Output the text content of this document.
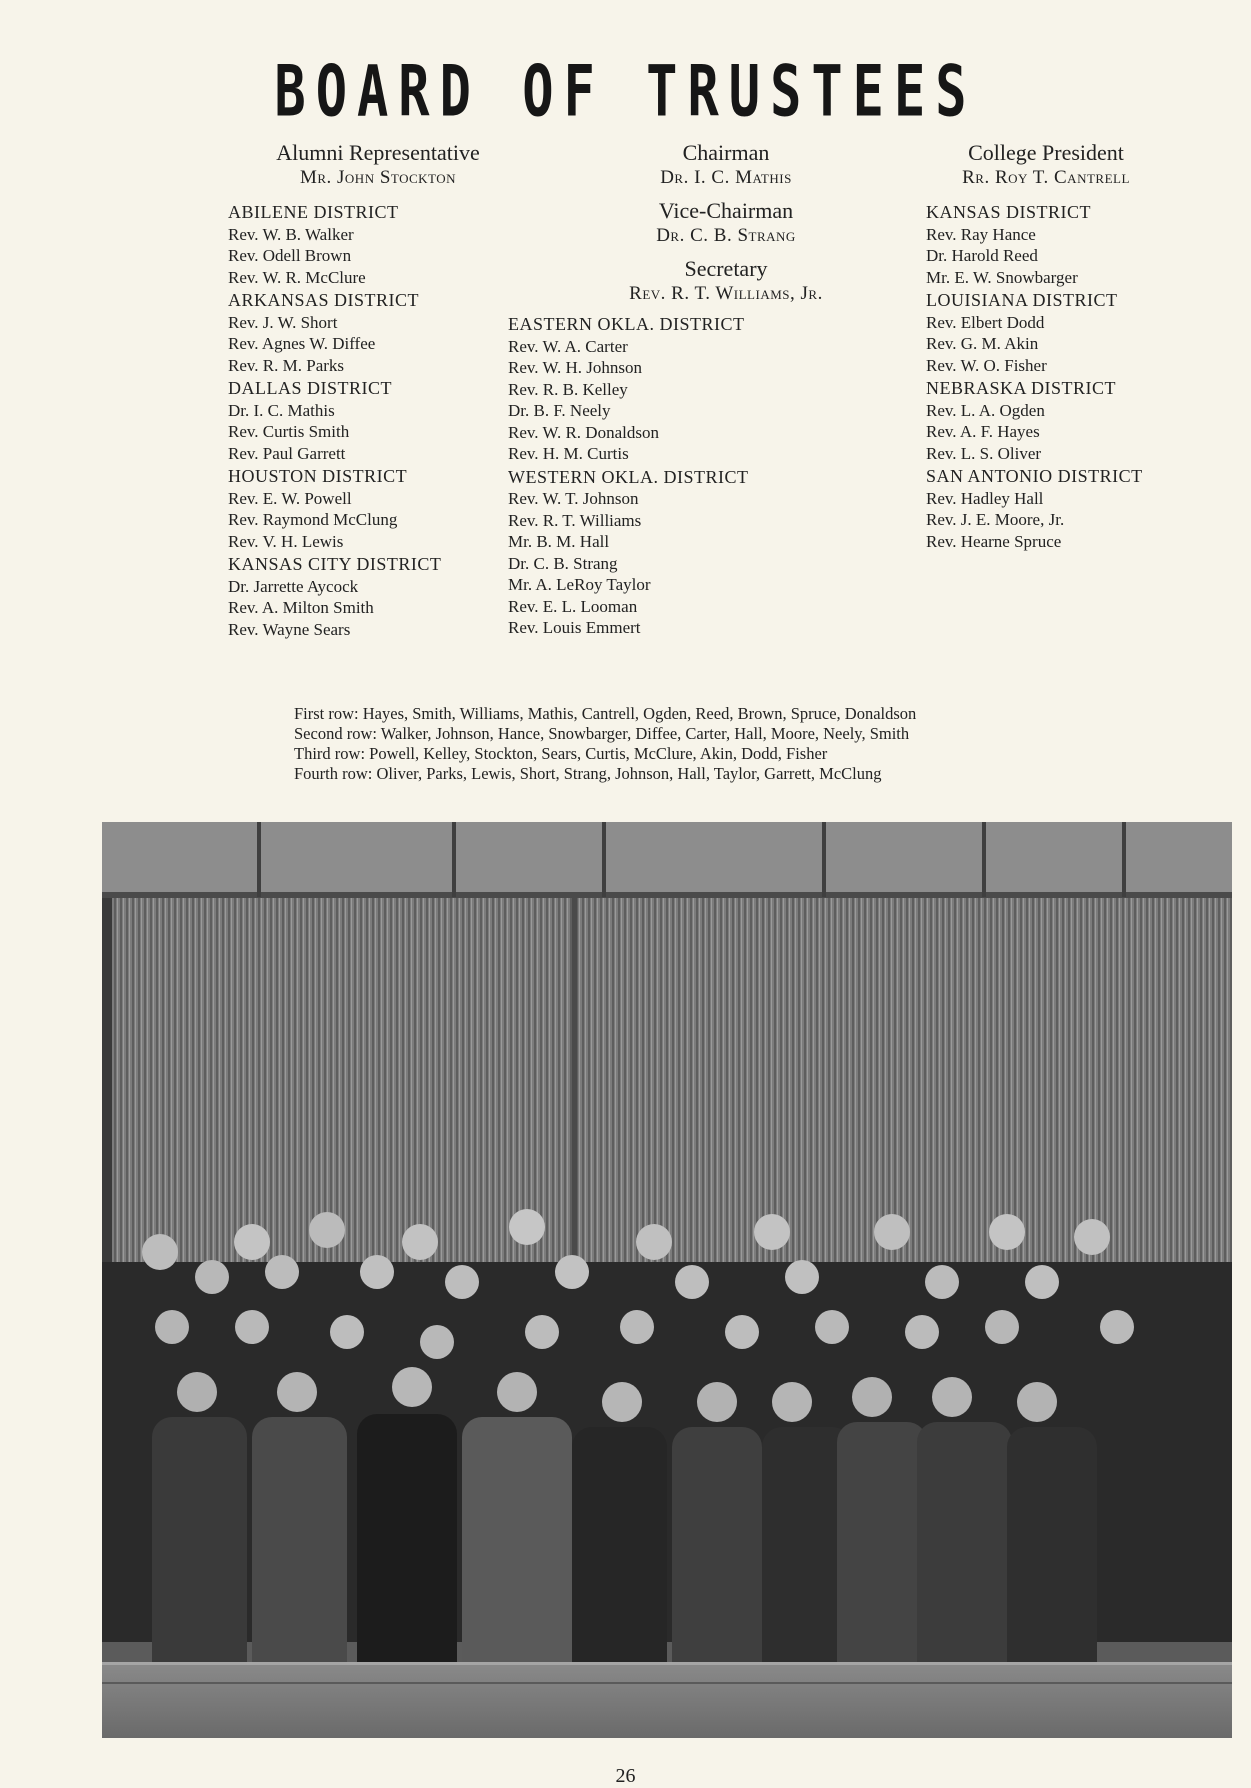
BOARD OF TRUSTEES
Alumni Representative
Mr. John Stockton
ABILENE DISTRICT
Rev. W. B. Walker
Rev. Odell Brown
Rev. W. R. McClure
ARKANSAS DISTRICT
Rev. J. W. Short
Rev. Agnes W. Diffee
Rev. R. M. Parks
DALLAS DISTRICT
Dr. I. C. Mathis
Rev. Curtis Smith
Rev. Paul Garrett
HOUSTON DISTRICT
Rev. E. W. Powell
Rev. Raymond McClung
Rev. V. H. Lewis
KANSAS CITY DISTRICT
Dr. Jarrette Aycock
Rev. A. Milton Smith
Rev. Wayne Sears
Chairman
Dr. I. C. Mathis
Vice-Chairman
Dr. C. B. Strang
Secretary
Rev. R. T. Williams, Jr.
EASTERN OKLA. DISTRICT
Rev. W. A. Carter
Rev. W. H. Johnson
Rev. R. B. Kelley
Dr. B. F. Neely
Rev. W. R. Donaldson
Rev. H. M. Curtis
WESTERN OKLA. DISTRICT
Rev. W. T. Johnson
Rev. R. T. Williams
Mr. B. M. Hall
Dr. C. B. Strang
Mr. A. LeRoy Taylor
Rev. E. L. Looman
Rev. Louis Emmert
College President
Rr. Roy T. Cantrell
KANSAS DISTRICT
Rev. Ray Hance
Dr. Harold Reed
Mr. E. W. Snowbarger
LOUISIANA DISTRICT
Rev. Elbert Dodd
Rev. G. M. Akin
Rev. W. O. Fisher
NEBRASKA DISTRICT
Rev. L. A. Ogden
Rev. A. F. Hayes
Rev. L. S. Oliver
SAN ANTONIO DISTRICT
Rev. Hadley Hall
Rev. J. E. Moore, Jr.
Rev. Hearne Spruce
First row: Hayes, Smith, Williams, Mathis, Cantrell, Ogden, Reed, Brown, Spruce, Donaldson
Second row: Walker, Johnson, Hance, Snowbarger, Diffee, Carter, Hall, Moore, Neely, Smith
Third row: Powell, Kelley, Stockton, Sears, Curtis, McClure, Akin, Dodd, Fisher
Fourth row: Oliver, Parks, Lewis, Short, Strang, Johnson, Hall, Taylor, Garrett, McClung
26
